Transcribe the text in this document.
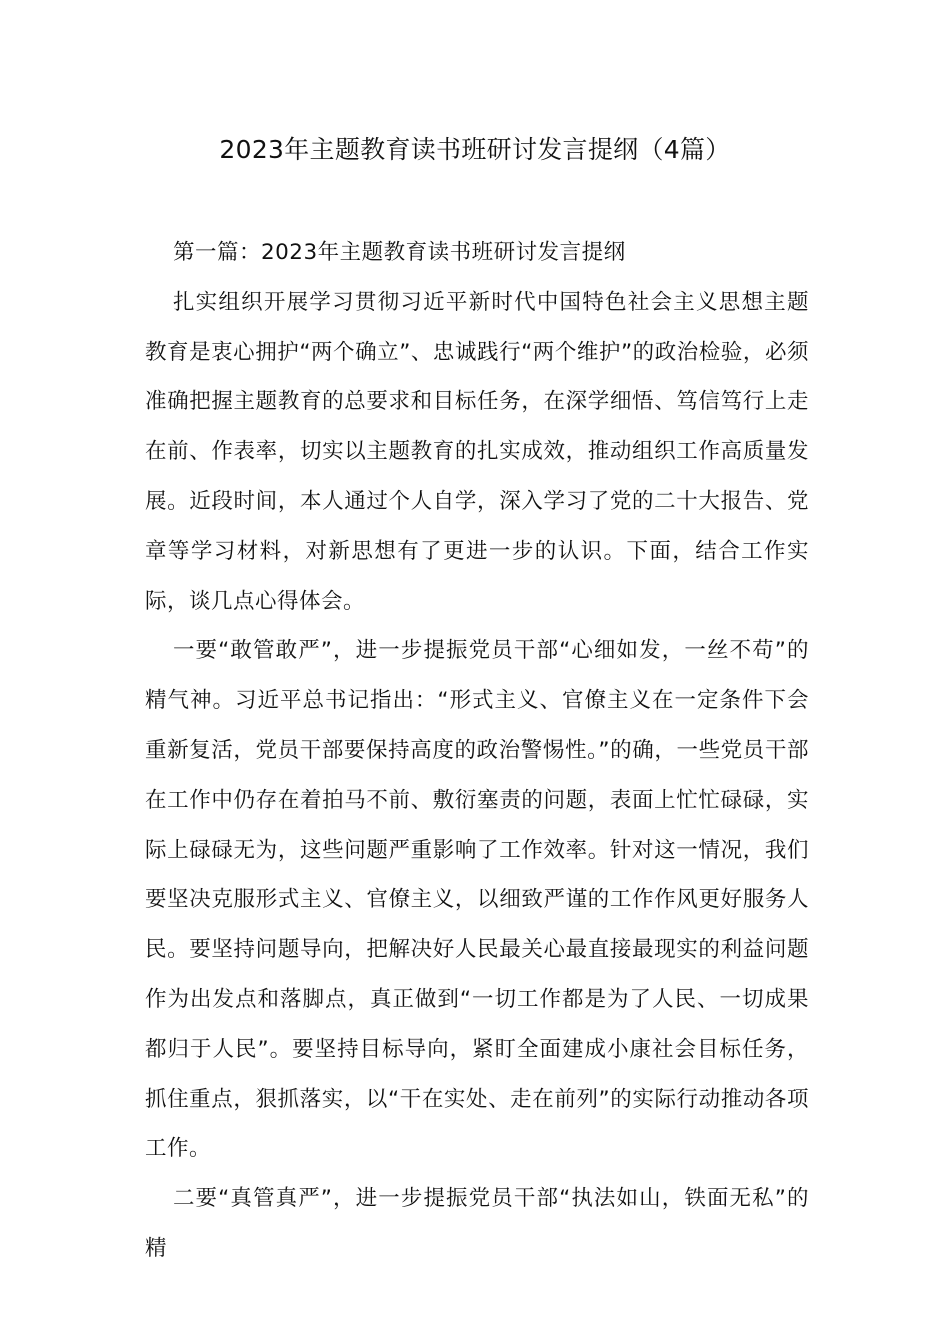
2023年主题教育读书班研讨发言提纲（4篇）

第一篇：2023年主题教育读书班研讨发言提纲

扎实组织开展学习贯彻习近平新时代中国特色社会主义思想主题教育是衷心拥护“两个确立”、忠诚践行“两个维护”的政治检验，必须准确把握主题教育的总要求和目标任务，在深学细悟、笃信笃行上走在前、作表率，切实以主题教育的扎实成效，推动组织工作高质量发展。近段时间，本人通过个人自学，深入学习了党的二十大报告、党章等学习材料，对新思想有了更进一步的认识。下面，结合工作实际，谈几点心得体会。

一要“敢管敢严”，进一步提振党员干部“心细如发，一丝不苟”的精气神。习近平总书记指出：“形式主义、官僚主义在一定条件下会重新复活，党员干部要保持高度的政治警惕性。”的确，一些党员干部在工作中仍存在着拍马不前、敷衍塞责的问题，表面上忙忙碌碌，实际上碌碌无为，这些问题严重影响了工作效率。针对这一情况，我们要坚决克服形式主义、官僚主义，以细致严谨的工作作风更好服务人民。要坚持问题导向，把解决好人民最关心最直接最现实的利益问题作为出发点和落脚点，真正做到“一切工作都是为了人民、一切成果都归于人民”。要坚持目标导向，紧盯全面建成小康社会目标任务，抓住重点，狠抓落实，以“干在实处、走在前列”的实际行动推动各项工作。

二要“真管真严”，进一步提振党员干部“执法如山，铁面无私”的精
